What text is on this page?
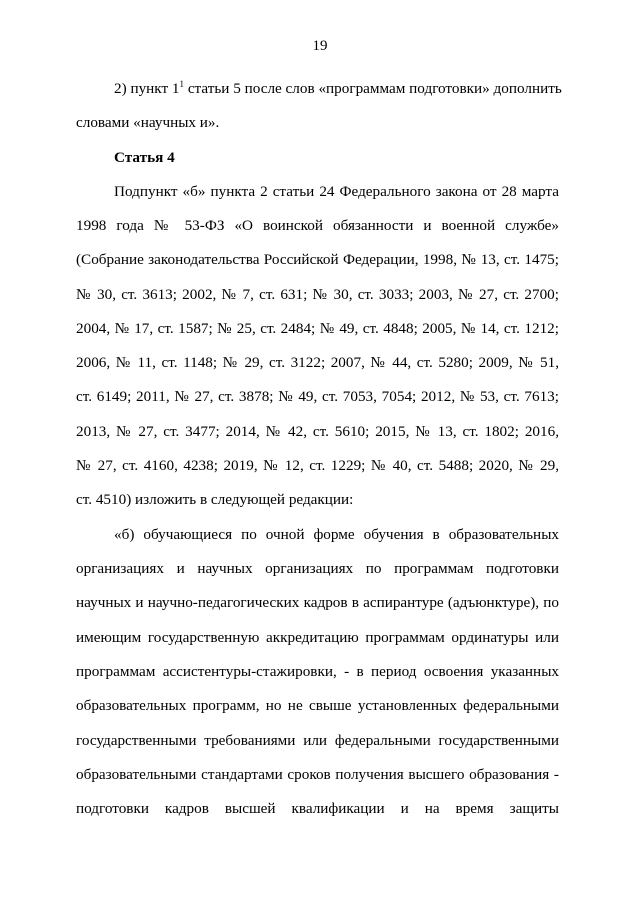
19
2) пункт $1^1$ статьи 5 после слов «программам подготовки» дополнить
словами «научных и».
Статья 4
Подпункт «б» пункта 2 статьи 24 Федерального закона от 28 марта
1998 года № 53-ФЗ «О воинской обязанности и военной службе»
(Собрание законодательства Российской Федерации, 1998, № 13, ст. 1475;
№ 30, ст. 3613; 2002, № 7, ст. 631; № 30, ст. 3033; 2003, № 27, ст. 2700;
2004, № 17, ст. 1587; № 25, ст. 2484; № 49, ст. 4848; 2005, № 14, ст. 1212;
2006, № 11, ст. 1148; № 29, ст. 3122; 2007, № 44, ст. 5280; 2009, № 51,
ст. 6149; 2011, № 27, ст. 3878; № 49, ст. 7053, 7054; 2012, № 53, ст. 7613;
2013, № 27, ст. 3477; 2014, № 42, ст. 5610; 2015, № 13, ст. 1802; 2016,
№ 27, ст. 4160, 4238; 2019, № 12, ст. 1229; № 40, ст. 5488; 2020, № 29,
ст. 4510) изложить в следующей редакции:
«б) обучающиеся по очной форме обучения в образовательных
организациях и научных организациях по программам подготовки
научных и научно-педагогических кадров в аспирантуре (адъюнктуре), по
имеющим государственную аккредитацию программам ординатуры или
программам ассистентуры-стажировки, - в период освоения указанных
образовательных программ, но не свыше установленных федеральными
государственными требованиями или федеральными государственными
образовательными стандартами сроков получения высшего образования -
подготовки кадров высшей квалификации и на время защиты
